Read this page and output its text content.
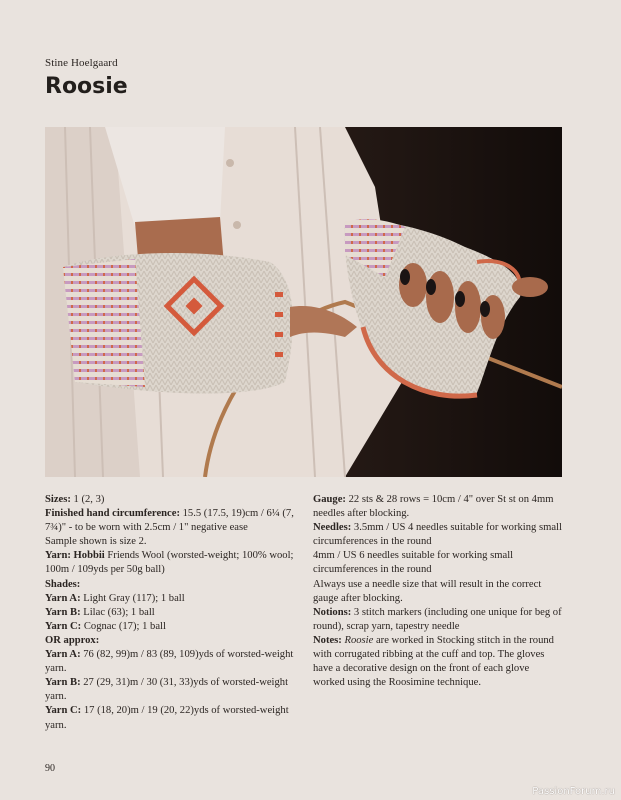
Stine Hoelgaard
Roosie

Sizes: 1 (2, 3)

Finished hand circumference: 15.5 (17.5, 19)cm / 6¼ (7, 7¾)" - to be worn with 2.5cm / 1" negative ease

Sample shown is size 2.

Yarn: Hobbii Friends Wool (worsted-weight; 100% wool; 100m / 109yds per 50g ball)

Shades:

Yarn A: Light Gray (117); 1 ball

Yarn B: Lilac (63); 1 ball

Yarn C: Cognac (17); 1 ball

OR approx:

Yarn A: 76 (82, 99)m / 83 (89, 109)yds of worsted-weight yarn.

Yarn B: 27 (29, 31)m / 30 (31, 33)yds of worsted-weight yarn.

Yarn C: 17 (18, 20)m / 19 (20, 22)yds of worsted-weight yarn.

Gauge: 22 sts & 28 rows = 10cm / 4" over St st on 4mm needles after blocking.

Needles: 3.5mm / US 4 needles suitable for working small circumferences in the round

4mm / US 6 needles suitable for working small circumferences in the round

Always use a needle size that will result in the correct gauge after blocking.

Notions: 3 stitch markers (including one unique for beg of round), scrap yarn, tapestry needle

Notes: Roosie are worked in Stocking stitch in the round with corrugated ribbing at the cuff and top. The gloves have a decorative design on the front of each glove worked using the Roosimine technique.

90
PassionForum.ru
